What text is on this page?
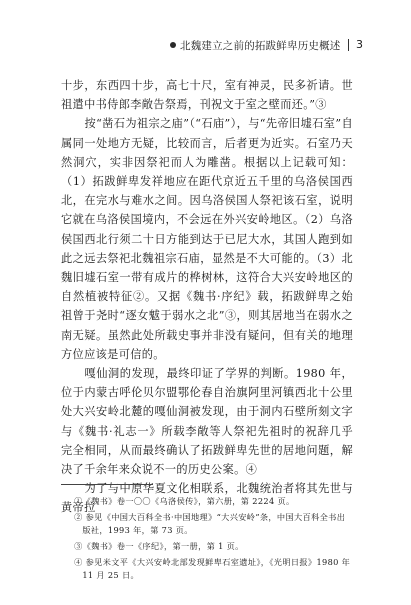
北魏建立之前的拓跋鲜卑历史概述 3

十步，东西四十步，高七十尺，室有神灵，民多祈请。世祖遣中书侍郎李敞告祭焉，刊祝文于室之壁而还。”③

按“凿石为祖宗之庙”（“石庙”），与“先帝旧墟石室”自属同一处地方无疑，比较而言，后者更为近实。石室乃天然洞穴，实非因祭祀而人为雕凿。根据以上记载可知：（1）拓跋鲜卑发祥地应在距代京近五千里的乌洛侯国西北，在完水与难水之间。因乌洛侯国人祭祀该石室，说明它就在乌洛侯国境内，不会远在外兴安岭地区。（2）乌洛侯国西北行须二十日方能到达于已尼大水，其国人跑到如此之远去祭祀北魏祖宗石庙，显然是不大可能的。（3）北魏旧墟石室一带有成片的桦树林，这符合大兴安岭地区的自然植被特征②。又据《魏书·序纪》载，拓跋鲜卑之始祖曾于尧时“逐女魃于弱水之北”③，则其居地当在弱水之南无疑。虽然此处所载史事并非没有疑问，但有关的地理方位应该是可信的。

嘎仙洞的发现，最终印证了学界的判断。1980 年，位于内蒙古呼伦贝尔盟鄂伦春自治旗阿里河镇西北十公里处大兴安岭北麓的嘎仙洞被发现，由于洞内石壁所刻文字与《魏书·礼志一》所载李敞等人祭祀先祖时的祝辞几乎完全相同，从而最终确认了拓跋鲜卑先世的居地问题，解决了千余年来众说不一的历史公案。④

为了与中原华夏文化相联系，北魏统治者将其先世与黄帝拉

①《魏书》卷一〇〇《乌洛侯传》，第六册，第 2224 页。

② 参见《中国大百科全书·中国地理》“大兴安岭”条，中国大百科全书出版社，1993 年，第 73 页。

③《魏书》卷一《序纪》，第一册，第 1 页。

④ 参见米文平《大兴安岭北部发现鲜卑石室遗址》，《光明日报》1980 年 11 月 25 日。
